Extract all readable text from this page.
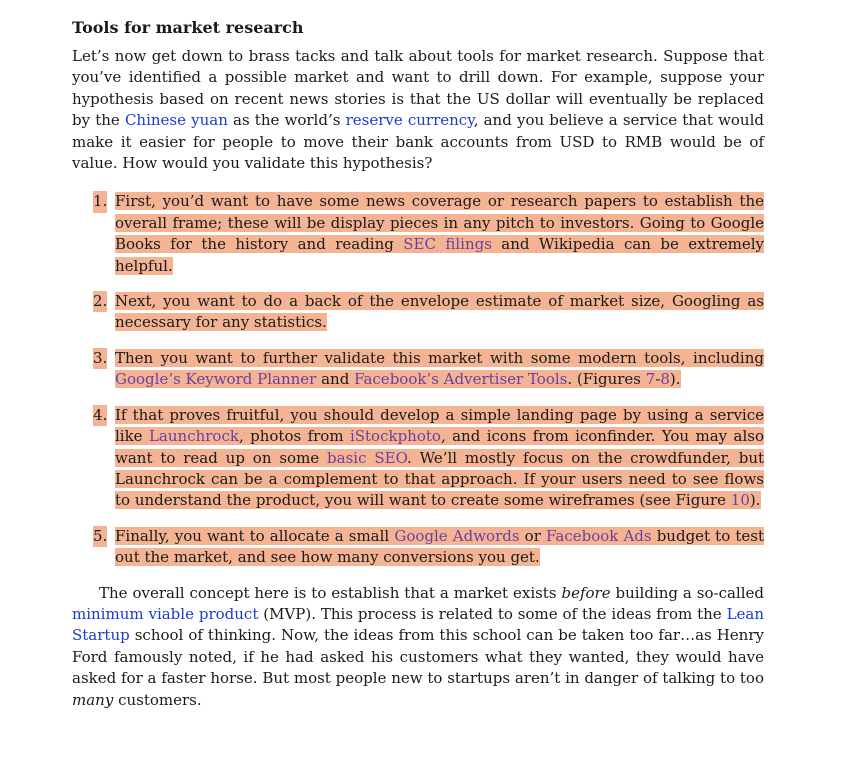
Tools for market research

Let’s now get down to brass tacks and talk about tools for market research. Suppose that you’ve identified a possible market and want to drill down. For example, suppose your hypothesis based on recent news stories is that the US dollar will eventually be replaced by the Chinese yuan as the world’s reserve currency, and you believe a service that would make it easier for people to move their bank accounts from USD to RMB would be of value. How would you validate this hypothesis?

1. First, you’d want to have some news coverage or research papers to establish the overall frame; these will be display pieces in any pitch to investors. Going to Google Books for the history and reading SEC filings and Wikipedia can be extremely helpful.
2. Next, you want to do a back of the envelope estimate of market size, Googling as necessary for any statistics.
3. Then you want to further validate this market with some modern tools, including Google’s Keyword Planner and Facebook’s Advertiser Tools. (Figures 7-8).
4. If that proves fruitful, you should develop a simple landing page by using a service like Launchrock, photos from iStockphoto, and icons from iconfinder. You may also want to read up on some basic SEO. We’ll mostly focus on the crowdfunder, but Launchrock can be a complement to that approach. If your users need to see flows to understand the product, you will want to create some wireframes (see Figure 10).
5. Finally, you want to allocate a small Google Adwords or Facebook Ads budget to test out the market, and see how many conversions you get.

The overall concept here is to establish that a market exists before building a so-called minimum viable product (MVP). This process is related to some of the ideas from the Lean Startup school of thinking. Now, the ideas from this school can be taken too far…as Henry Ford famously noted, if he had asked his customers what they wanted, they would have asked for a faster horse. But most people new to startups aren’t in danger of talking to too many customers.
